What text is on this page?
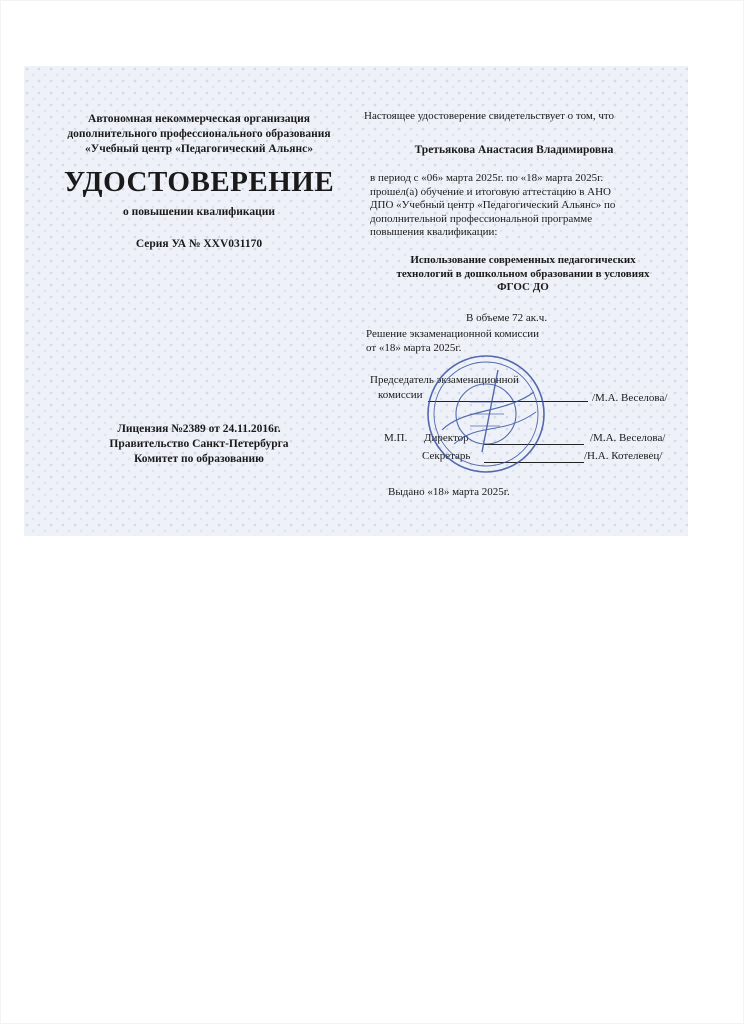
Автономная некоммерческая организация
дополнительного профессионального образования
«Учебный центр «Педагогический Альянс»
УДОСТОВЕРЕНИЕ
о повышении квалификации
Серия УА № XXV031170
Лицензия №2389 от 24.11.2016г.
Правительство Санкт-Петербурга
Комитет по образованию
Настоящее удостоверение свидетельствует о том, что
Третьякова Анастасия Владимировна
в период с «06» марта 2025г. по «18» марта 2025г.
прошел(а) обучение и итоговую аттестацию в АНО
ДПО «Учебный центр «Педагогический Альянс» по
дополнительной профессиональной программе
повышения квалификации:
Использование современных педагогических
технологий в дошкольном образовании в условиях
ФГОС ДО
В объеме 72 ак.ч.
Решение экзаменационной комиссии
от «18» марта 2025г.
Председатель экзаменационной
комиссии	/М.А. Веселова/
М.П.	Директор	/М.А. Веселова/
Секретарь	/Н.А. Котелевец/
Выдано «18» марта 2025г.
